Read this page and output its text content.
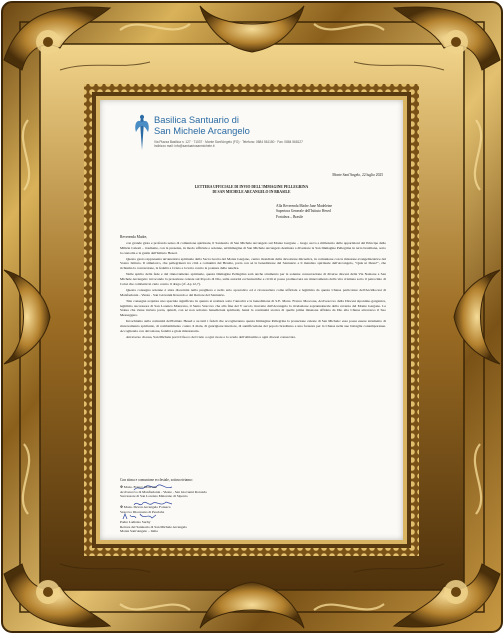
Basilica Santuario di
San Michele Arcangelo
Via Piazza Basilica n. 127 · 71037 · Monte Sant'Angelo (FG) · Telefono: 0884 561150 · Fax: 0884 568127
Indirizzo mail: info@santuariosanmichele.it
Monte Sant'Angelo, 22 luglio 2025
LETTERA UFFICIALE DI INVIO DELL'IMMAGINE PELLEGRINA
DI SAN MICHELE ARCANGELO IN BRASILE
Alla Reverenda Madre Jane Madeleine
Superiora Generale dell'Istituto Hesed
Fortaleza – Brasile
Reverenda Madre,

con grande gioia e profondo senso di comunione spirituale, il Santuario di San Michele Arcangelo sul Monte Gargano – luogo sacro e millenario delle apparizioni del Principe delle Milizie Celesti – trasmette, con la presente, in modo ufficiale e solenne, un'immagine di San Michele Arcangelo destinata a diventare la San Immagine Pellegrina in terra brasiliana, sotto la custodia e la guida dell'Istituto Hesed.

Questo gesto rappresenta un'autentica spirituale della Sacra Grotta del Monte Gargano, centro mondiale della devozione micaelica, in comunione con la missione evangelizzatrice del Vostro Istituto. Il simulacro, che pellegrinerà tra città e comunità del Brasile, porta con sé la benedizione del Santuario e il mandato spirituale dell'Arcangelo, "Quis ut Deus?", che richiama la conversione, la fedeltà a Cristo e la lotta contro le potenze delle tenebre.

Nelle spirito della fede e del rinnovamento spirituale, questa Immagine Pellegrina sarà anche strumento per la solenne consacrazione di diverse diocesi della Via Nazione a San Michele Arcangelo: invocando la protezione celeste sul Popolo di Dio, sulle autorità ecclesiastiche e civili si possa promuovere un rinnovamento della vita cristiana sotto il patrocinio di Colui che combatté in cielo contro il drago (cf. Ap 12,7).

Questa consegna solenne è stata discernita nella preghiera e nello zelo apostolico ed è riconosciuta come ufficiale e legittima da questa Chiesa particolare dell'Arcidiocesi di Manfredonia - Vieste - San Giovanni Rotondo e del Rettore del Santuario.

Tale consegna acquista uno speciale significato in quanto si realizza sotto l'autorità e la benedizione di S.E. Mons. Franco Moscone, Arcivescovo della Diocesi sipontino-garganica, legittimo successore di San Lorenzo Maiorano, il Santo Vescovo che alla fine del V secolo ricevette dall'Arcangelo la rivelazione soprannaturale della caverna del Monte Gargano. La Statua che viene inviata porta, quindi, con sé non soltanto benedizioni spirituali, bensì la continuità storica di quella prima missione affidata da Dio alla Chiesa attraverso il Suo Messaggero.

Invochiamo sulla comunità dell'Istituto Hesed e su tutti i fedeli che accoglieranno questa Immagine Pellegrina la protezione celeste di San Michele: essa possa essere strumento di rinnovamento spirituale, di combattimento contro il male, di guarigione interiore, di santificazione del popolo brasiliano e una fortezza per la Chiesa nelle sue battaglie contemporanee. Accoglietela con devozione, fedeltà e gioia missionaria.

Attraverso di essa, San Michele porti il fuoco del Cielo a ogni cuore e lo scudo dell'Altissimo a ogni diocesi consacrata.

Con stima e comunione ecclesiale, sottoscriviamo:
✠ Mons. Franco Moscone
Arcivescovo di Manfredonia - Vieste - San Giovanni Rotondo
Successore di San Lorenzo Maiorano di Siponto
✠ Mons. Devon Arcangelo Fonseca
Vescovo Diocesano di Pesciaba
Padre Ladislao Suchy
Rettore del Santuario di San Michele Arcangelo
Monte Sant'Angelo – Italia
